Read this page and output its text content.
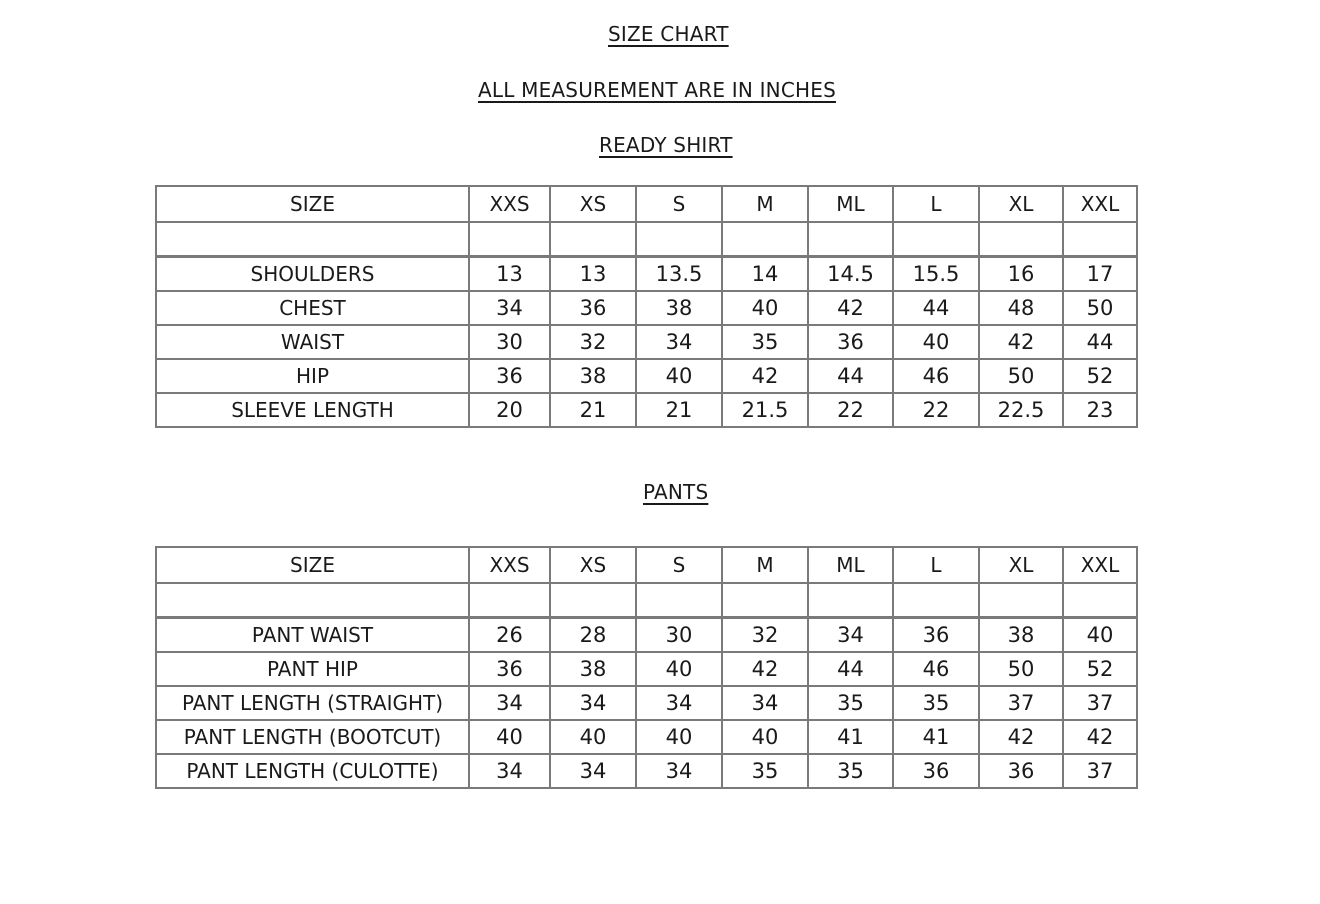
SIZE CHART
ALL MEASUREMENT ARE IN INCHES
READY SHIRT
SIZE	XXS	XS	S	M	ML	L	XL	XXL

SHOULDERS	13	13	13.5	14	14.5	15.5	16	17
CHEST	34	36	38	40	42	44	48	50
WAIST	30	32	34	35	36	40	42	44
HIP	36	38	40	42	44	46	50	52
SLEEVE LENGTH	20	21	21	21.5	22	22	22.5	23
PANTS
SIZE	XXS	XS	S	M	ML	L	XL	XXL

PANT WAIST	26	28	30	32	34	36	38	40
PANT HIP	36	38	40	42	44	46	50	52
PANT LENGTH (STRAIGHT)	34	34	34	34	35	35	37	37
PANT LENGTH (BOOTCUT)	40	40	40	40	41	41	42	42
PANT LENGTH (CULOTTE)	34	34	34	35	35	36	36	37
